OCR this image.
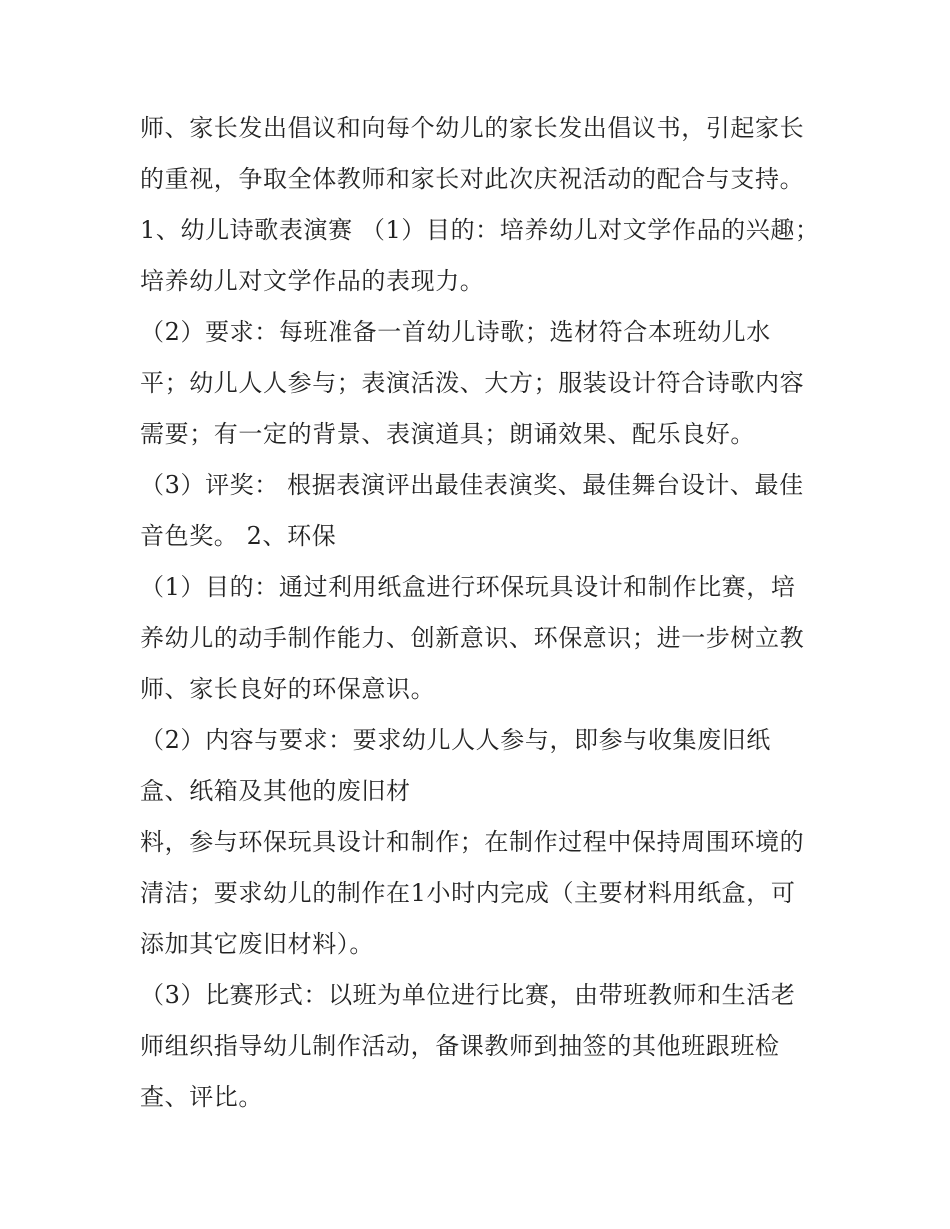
师、家长发出倡议和向每个幼儿的家长发出倡议书，引起家长
的重视，争取全体教师和家长对此次庆祝活动的配合与支持。
1、幼儿诗歌表演赛 （1）目的：培养幼儿对文学作品的兴趣；
培养幼儿对文学作品的表现力。
（2）要求：每班准备一首幼儿诗歌；选材符合本班幼儿水
平；幼儿人人参与；表演活泼、大方；服装设计符合诗歌内容
需要；有一定的背景、表演道具；朗诵效果、配乐良好。
（3）评奖： 根据表演评出最佳表演奖、最佳舞台设计、最佳
音色奖。 2、环保
（1）目的：通过利用纸盒进行环保玩具设计和制作比赛，培
养幼儿的动手制作能力、创新意识、环保意识；进一步树立教
师、家长良好的环保意识。
（2）内容与要求：要求幼儿人人参与，即参与收集废旧纸
盒、纸箱及其他的废旧材
料，参与环保玩具设计和制作；在制作过程中保持周围环境的
清洁；要求幼儿的制作在1小时内完成（主要材料用纸盒，可
添加其它废旧材料）。
（3）比赛形式：以班为单位进行比赛，由带班教师和生活老
师组织指导幼儿制作活动，备课教师到抽签的其他班跟班检
查、评比。
